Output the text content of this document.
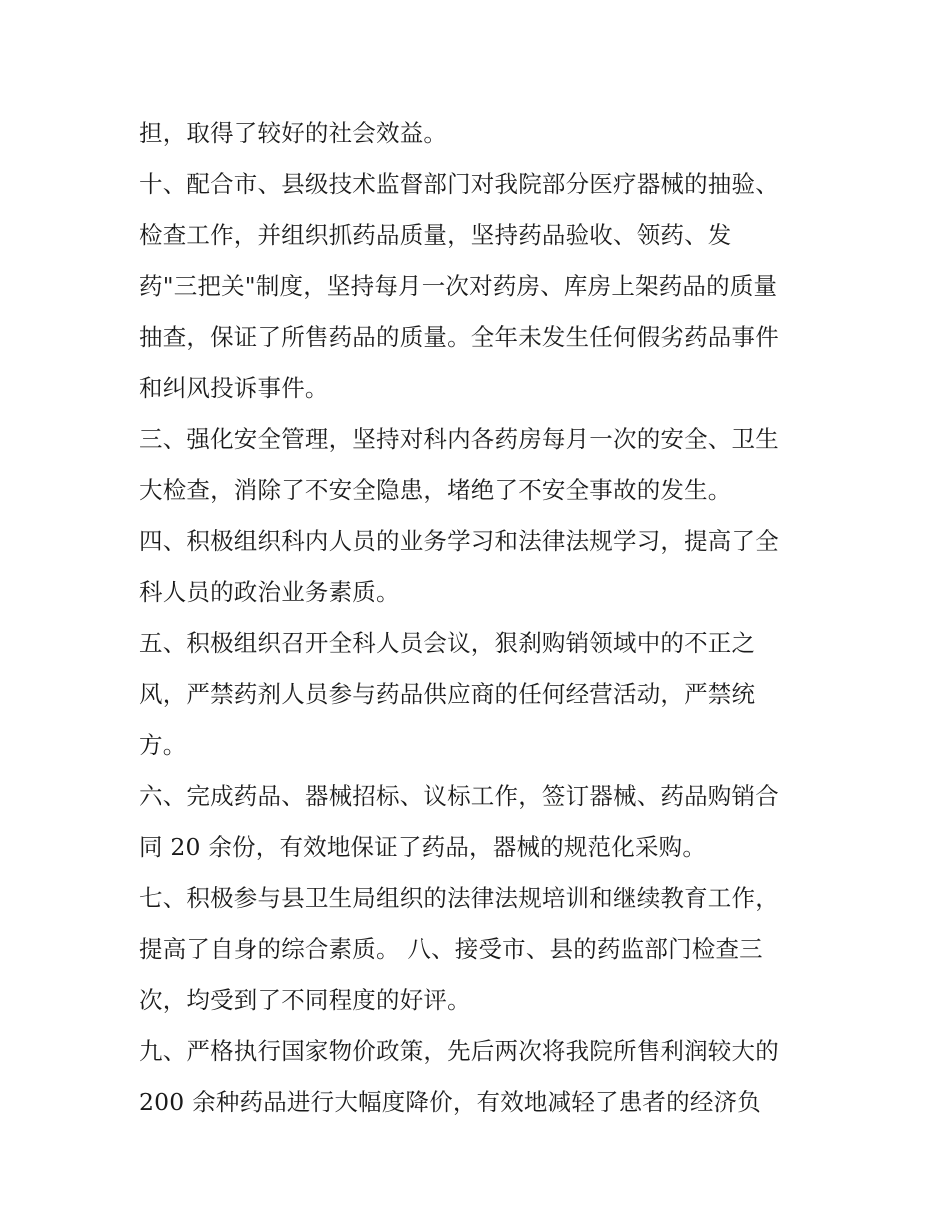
担，取得了较好的社会效益。
十、配合市、县级技术监督部门对我院部分医疗器械的抽验、
检查工作，并组织抓药品质量，坚持药品验收、领药、发
药"三把关"制度，坚持每月一次对药房、库房上架药品的质量
抽查，保证了所售药品的质量。全年未发生任何假劣药品事件
和纠风投诉事件。
三、强化安全管理，坚持对科内各药房每月一次的安全、卫生
大检查，消除了不安全隐患，堵绝了不安全事故的发生。
四、积极组织科内人员的业务学习和法律法规学习，提高了全
科人员的政治业务素质。
五、积极组织召开全科人员会议，狠刹购销领域中的不正之
风，严禁药剂人员参与药品供应商的任何经营活动，严禁统
方。
六、完成药品、器械招标、议标工作，签订器械、药品购销合
同 20 余份，有效地保证了药品，器械的规范化采购。
七、积极参与县卫生局组织的法律法规培训和继续教育工作，
提高了自身的综合素质。 八、接受市、县的药监部门检查三
次，均受到了不同程度的好评。
九、严格执行国家物价政策，先后两次将我院所售利润较大的
200 余种药品进行大幅度降价，有效地减轻了患者的经济负
